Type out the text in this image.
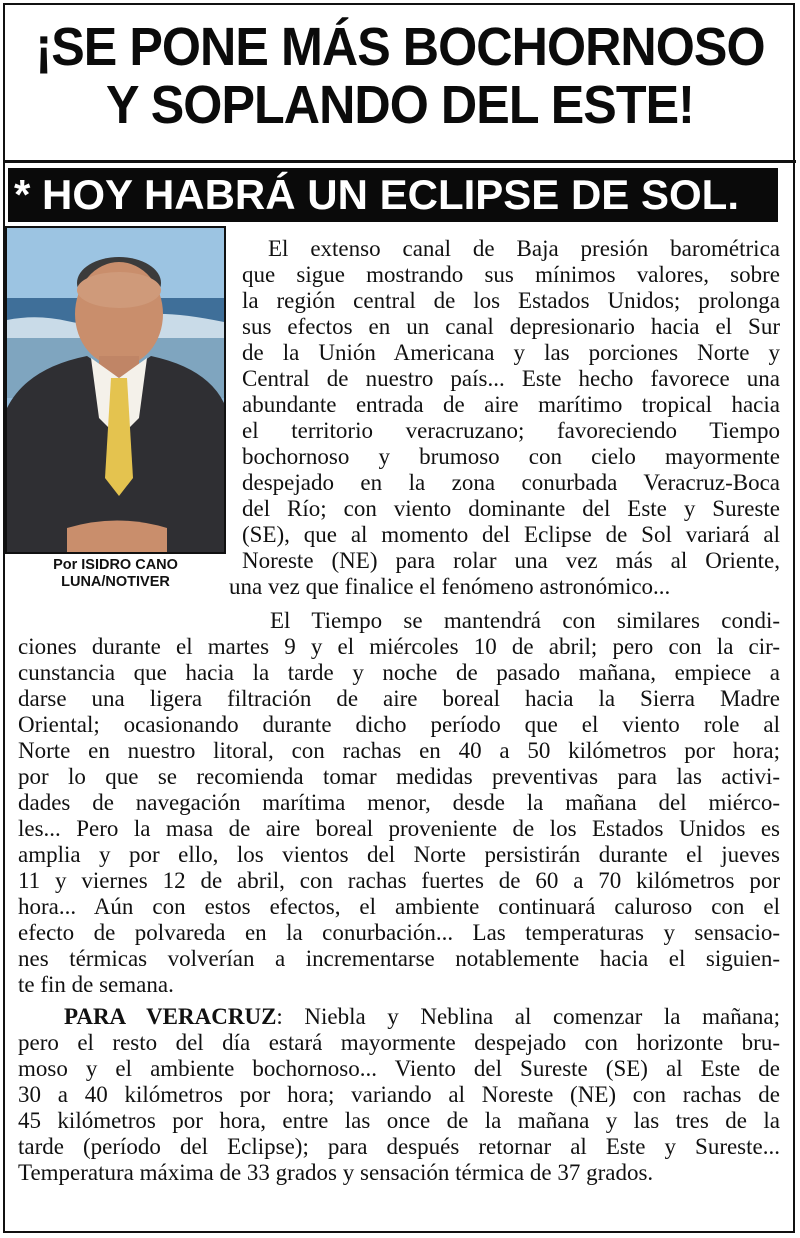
¡SE PONE MÁS BOCHORNOSO
Y SOPLANDO DEL ESTE!
* HOY HABRÁ UN ECLIPSE DE SOL.
Por ISIDRO CANO
LUNA/NOTIVER
El extenso canal de Baja presión barométrica
que sigue mostrando sus mínimos valores, sobre
la región central de los Estados Unidos; prolonga
sus efectos en un canal depresionario hacia el Sur
de la Unión Americana y las porciones Norte y
Central de nuestro país... Este hecho favorece una
abundante entrada de aire marítimo tropical hacia
el territorio veracruzano; favoreciendo Tiempo
bochornoso y brumoso con cielo mayormente
despejado en la zona conurbada Veracruz-Boca
del Río; con viento dominante del Este y Sureste
(SE), que al momento del Eclipse de Sol variará al
Noreste (NE) para rolar una vez más al Oriente,
una vez que finalice el fenómeno astronómico...
El Tiempo se mantendrá con similares condi-
ciones durante el martes 9 y el miércoles 10 de abril; pero con la cir-
cunstancia que hacia la tarde y noche de pasado mañana, empiece a
darse una ligera filtración de aire boreal hacia la Sierra Madre
Oriental; ocasionando durante dicho período que el viento role al
Norte en nuestro litoral, con rachas en 40 a 50 kilómetros por hora;
por lo que se recomienda tomar medidas preventivas para las activi-
dades de navegación marítima menor, desde la mañana del miérco-
les... Pero la masa de aire boreal proveniente de los Estados Unidos es
amplia y por ello, los vientos del Norte persistirán durante el jueves
11 y viernes 12 de abril, con rachas fuertes de 60 a 70 kilómetros por
hora... Aún con estos efectos, el ambiente continuará caluroso con el
efecto de polvareda en la conurbación... Las temperaturas y sensacio-
nes térmicas volverían a incrementarse notablemente hacia el siguien-
te fin de semana.
PARA VERACRUZ: Niebla y Neblina al comenzar la mañana;
pero el resto del día estará mayormente despejado con horizonte bru-
moso y el ambiente bochornoso... Viento del Sureste (SE) al Este de
30 a 40 kilómetros por hora; variando al Noreste (NE) con rachas de
45 kilómetros por hora, entre las once de la mañana y las tres de la
tarde (período del Eclipse); para después retornar al Este y Sureste...
Temperatura máxima de 33 grados y sensación térmica de 37 grados.
